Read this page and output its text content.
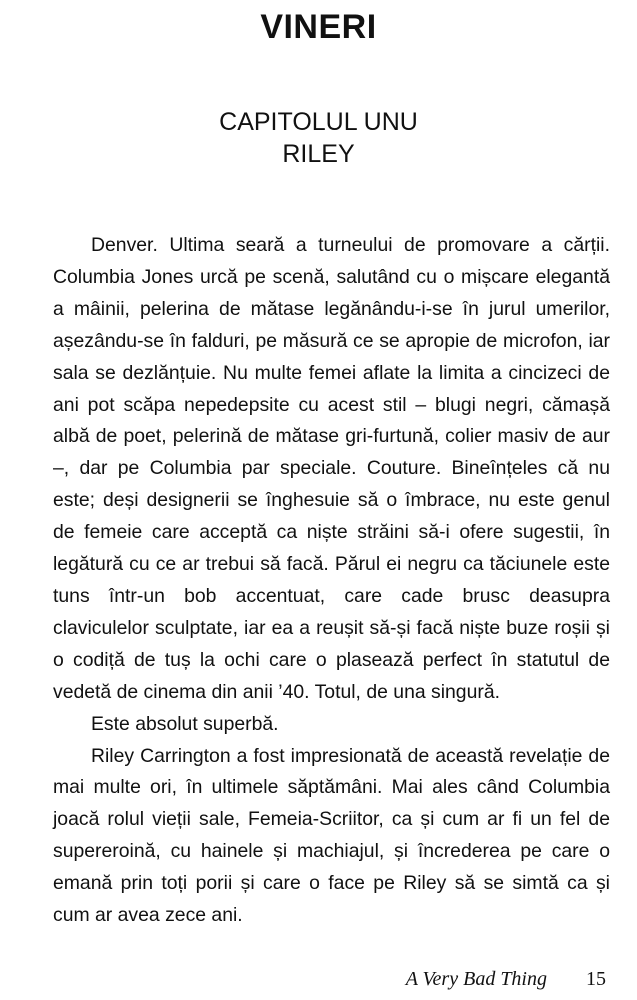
VINERI
CAPITOLUL UNU
RILEY

Denver. Ultima seară a turneului de promovare a cărții. Columbia Jones urcă pe scenă, salutând cu o mișcare elegantă a mâinii, pelerina de mătase legănându-i-se în jurul umerilor, așezându-se în falduri, pe măsură ce se apropie de microfon, iar sala se dezlănțuie. Nu multe femei aflate la limita a cincizeci de ani pot scăpa nepedepsite cu acest stil – blugi negri, cămașă albă de poet, pelerină de mătase gri-furtună, colier masiv de aur –, dar pe Columbia par speciale. Couture. Bineînțeles că nu este; deși designerii se înghesuie să o îmbrace, nu este genul de femeie care acceptă ca niște străini să-i ofere sugestii, în legătură cu ce ar trebui să facă. Părul ei negru ca tăciunele este tuns într-un bob accentuat, care cade brusc deasupra claviculelor sculptate, iar ea a reușit să-și facă niște buze roșii și o codiță de tuș la ochi care o plasează perfect în statutul de vedetă de cinema din anii ’40. Totul, de una singură.

Este absolut superbă.

Riley Carrington a fost impresionată de această revelație de mai multe ori, în ultimele săptămâni. Mai ales când Columbia joacă rolul vieții sale, Femeia-Scriitor, ca și cum ar fi un fel de supereroină, cu hainele și machiajul, și încrederea pe care o emană prin toți porii și care o face pe Riley să se simtă ca și cum ar avea zece ani.

A Very Bad Thing 15
